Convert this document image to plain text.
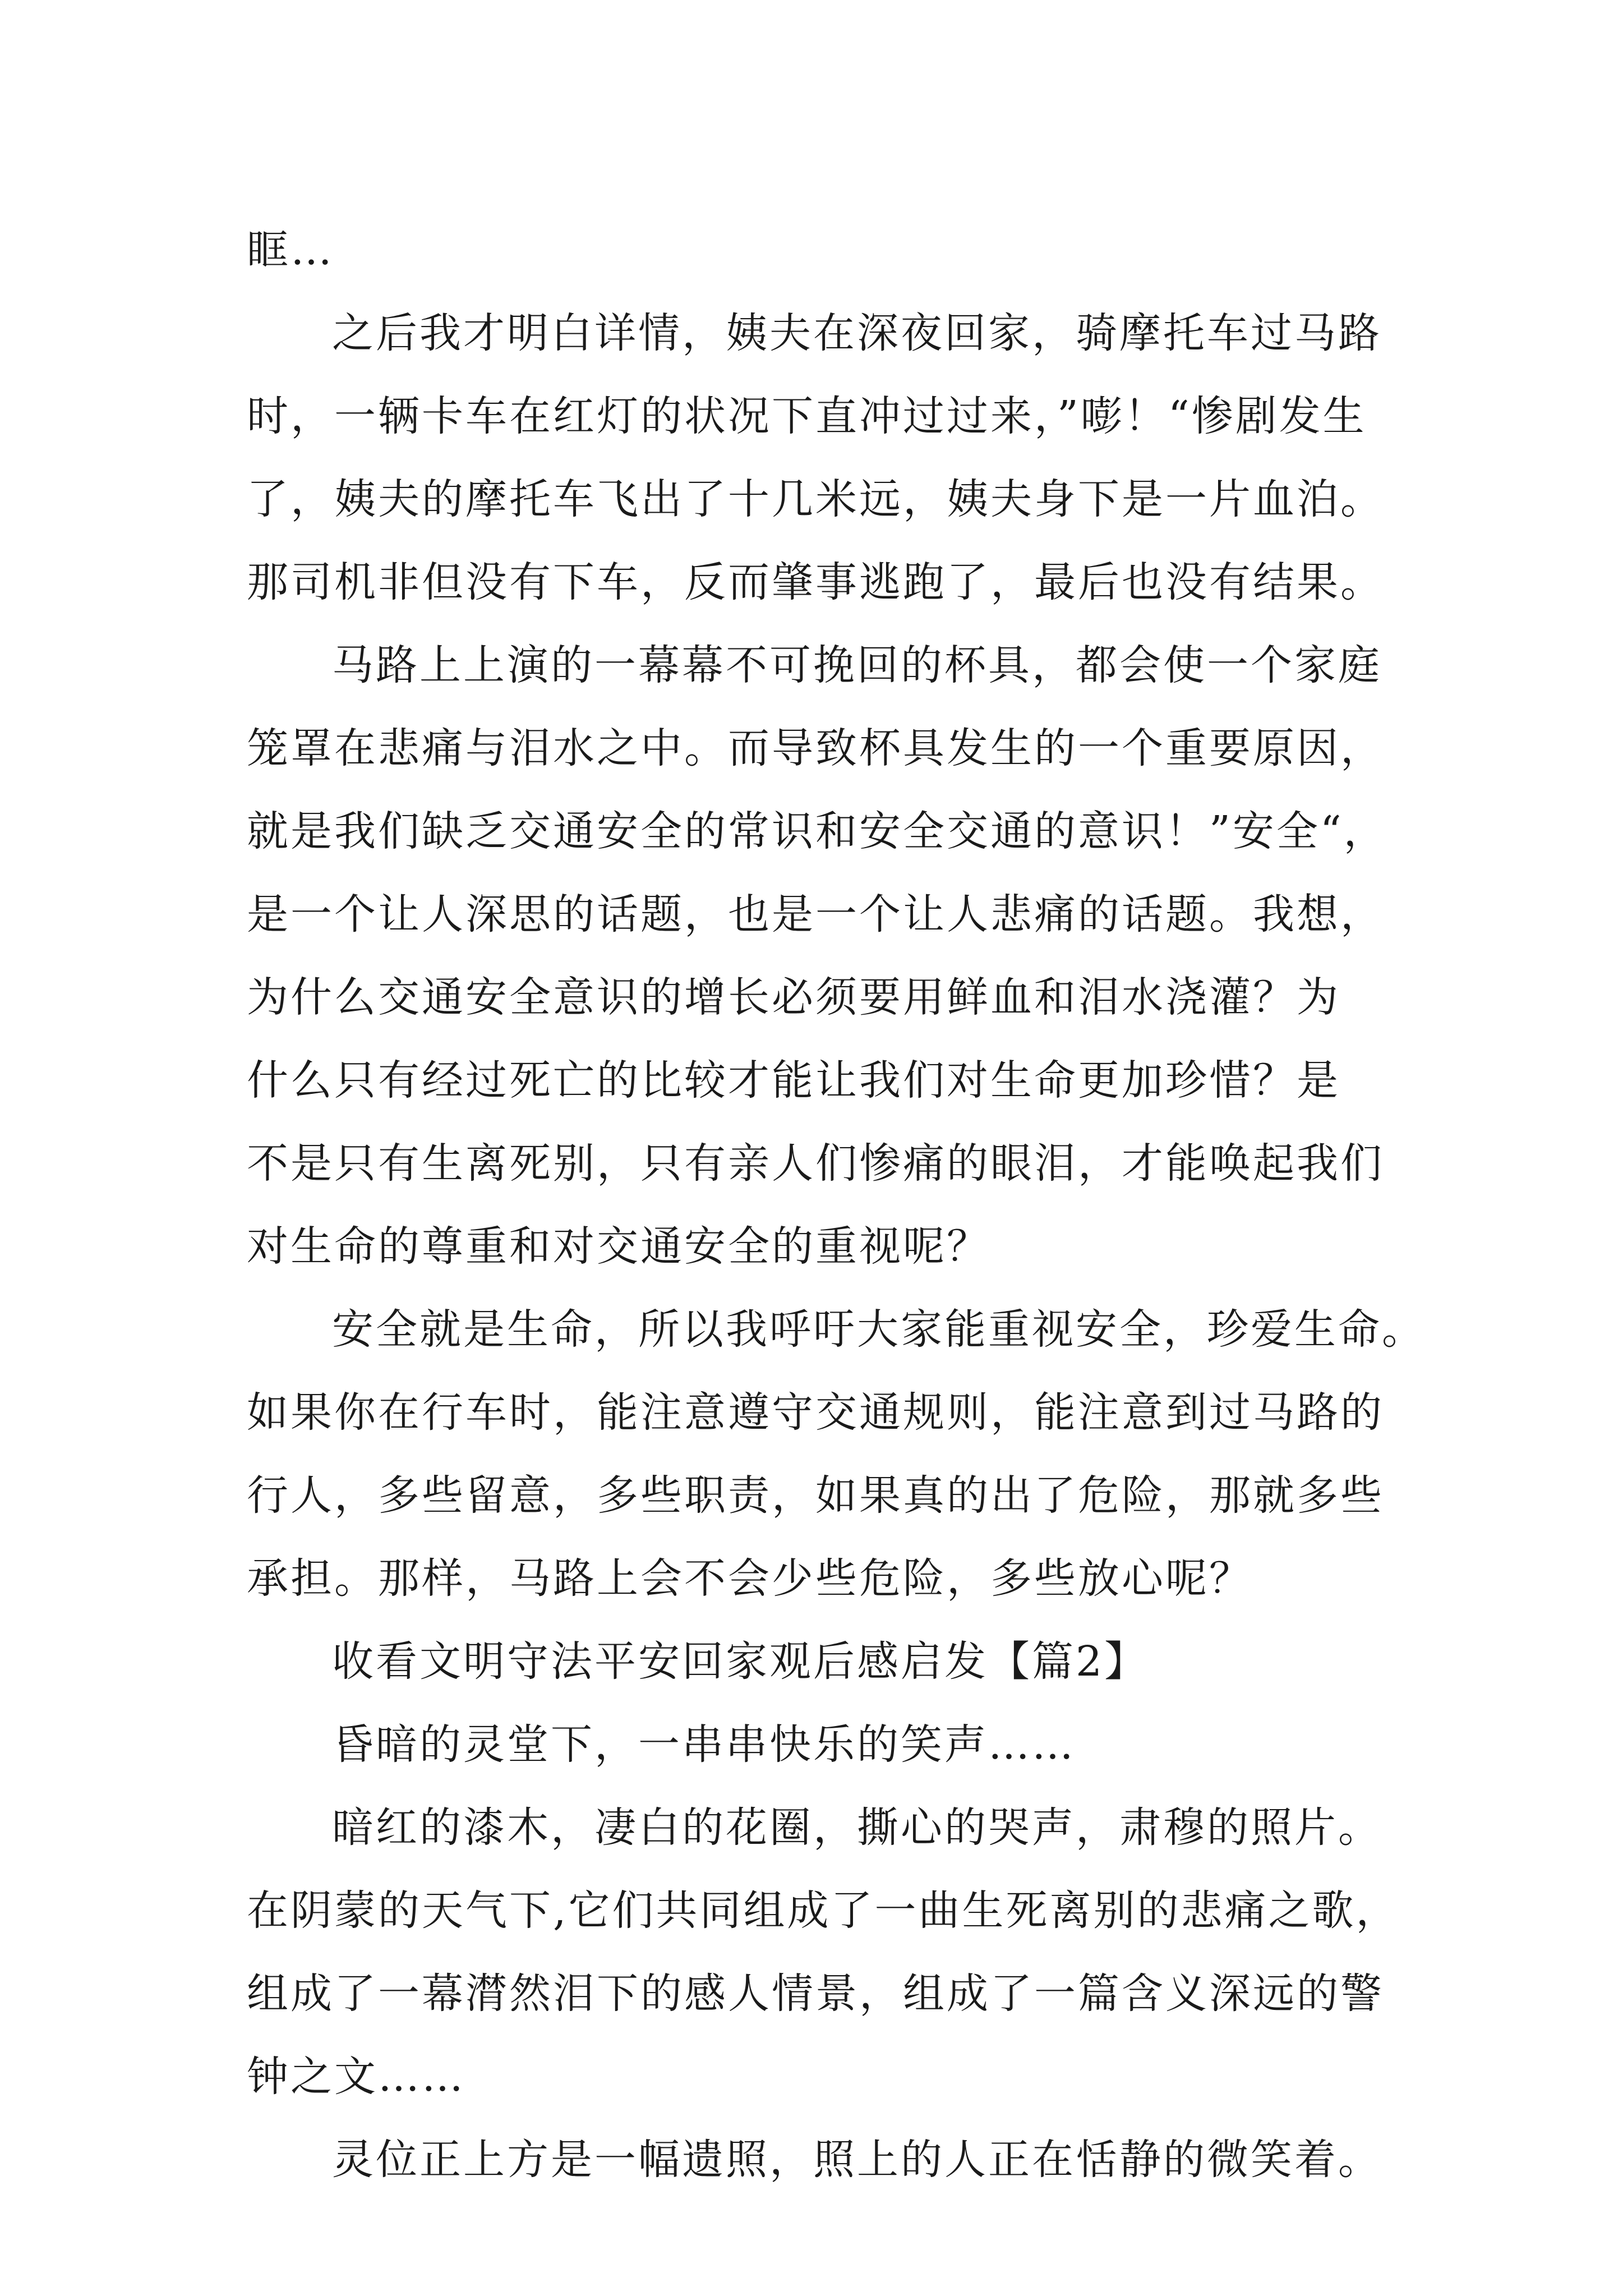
眶…
之后我才明白详情，姨夫在深夜回家，骑摩托车过马路
时，一辆卡车在红灯的状况下直冲过过来，”嘭！“惨剧发生
了，姨夫的摩托车飞出了十几米远，姨夫身下是一片血泊。
那司机非但没有下车，反而肇事逃跑了，最后也没有结果。
马路上上演的一幕幕不可挽回的杯具，都会使一个家庭
笼罩在悲痛与泪水之中。而导致杯具发生的一个重要原因，
就是我们缺乏交通安全的常识和安全交通的意识！”安全“，
是一个让人深思的话题，也是一个让人悲痛的话题。我想，
为什么交通安全意识的增长必须要用鲜血和泪水浇灌？为
什么只有经过死亡的比较才能让我们对生命更加珍惜？是
不是只有生离死别，只有亲人们惨痛的眼泪，才能唤起我们
对生命的尊重和对交通安全的重视呢？
安全就是生命，所以我呼吁大家能重视安全，珍爱生命。
如果你在行车时，能注意遵守交通规则，能注意到过马路的
行人，多些留意，多些职责，如果真的出了危险，那就多些
承担。那样，马路上会不会少些危险，多些放心呢？
收看文明守法平安回家观后感启发【篇2】
昏暗的灵堂下，一串串快乐的笑声……
暗红的漆木，凄白的花圈，撕心的哭声，肃穆的照片。
在阴蒙的天气下,它们共同组成了一曲生死离别的悲痛之歌，
组成了一幕潸然泪下的感人情景，组成了一篇含义深远的警
钟之文……
灵位正上方是一幅遗照，照上的人正在恬静的微笑着。
